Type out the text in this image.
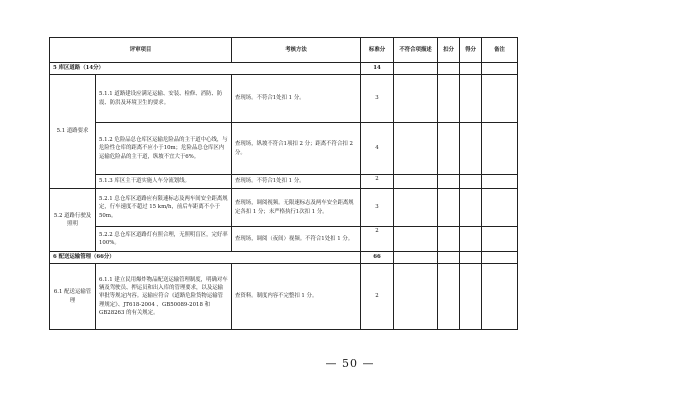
评审项目		考核方法	标准分	不符合项描述	扣分	得分	备注
5 库区道路（14分）			14				
5.1 道路要求	5.1.1 道路建设应满足运输、安装、检修、消防、防震、防洪及环境卫生的要求。	查现场。不符合1处扣 1 分。	3				
	5.1.2 危险品总仓库区运输危险品的主干道中心线，与危险性仓库的距离不应小于10m；危险品总仓库区内运输危险品的主干道，纵坡不宜大于6%。	查现场，纵坡不符合1项扣 2 分；距离不符合扣 2 分。	4				
	5.1.3 库区主干道实施人车分流划线。	查现场。不符合1处扣 1 分。	2				
5.2 道路行驶及照明	5.2.1 总仓库区道路应有限速标志及两车间安全距离规定，行车速度不超过 15 km/h，前后车距离不小于 50m。	查现场，调阅视频。无限速标志及两车安全距离规定各扣 1 分；未严格执行1次扣 1 分。	3				
	5.2.2 总仓库区道路灯有照合理，无照明盲区，完好率 100%。	查现场，调阅（夜间）视频。不符合1处扣 1 分。	2				
6 配送运输管理（66分）			66				
6.1 配送运输管理	6.1.1 建立民用爆炸物品配送运输管理制度，明确对车辆及驾驶员、押运员和出入库的管理要求，以及运输审批等规定内容。运输应符合《道路危险货物运输管理规定》、JT618-2004 、GB50089-2018 和 GB28263 的有关规定。	查资料。制度内容不完整扣 1 分。	2				
— 50 —
